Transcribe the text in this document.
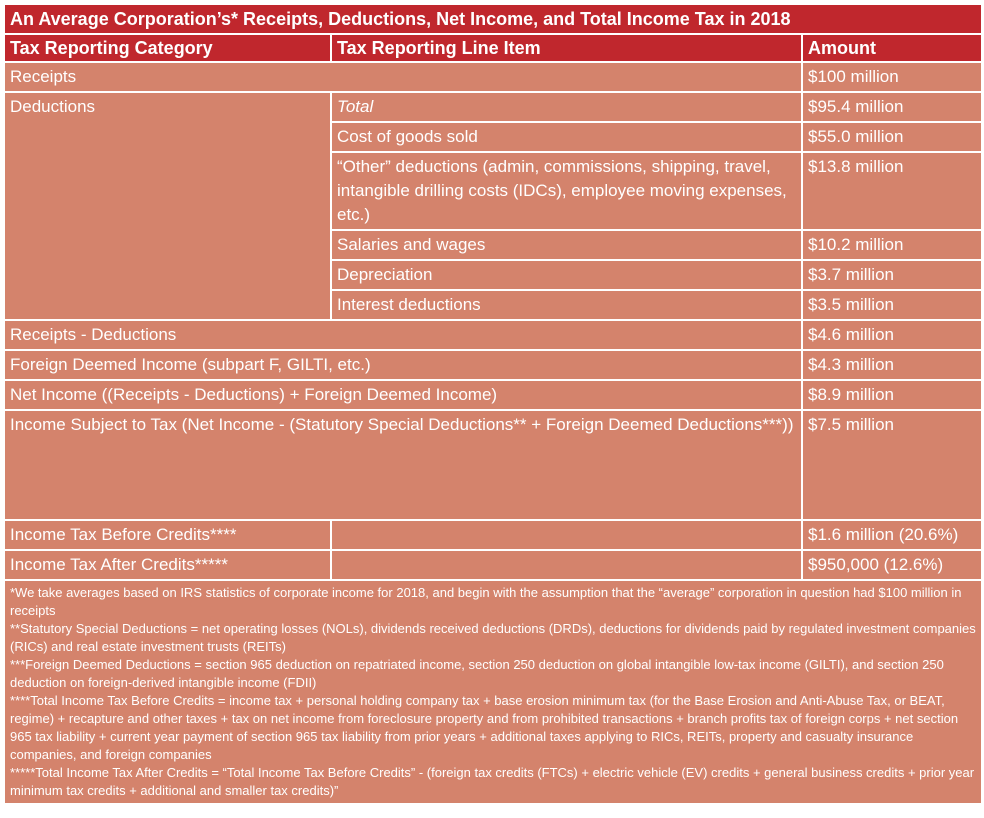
An Average Corporation’s* Receipts, Deductions, Net Income, and Total Income Tax in 2018		
Tax Reporting Category	Tax Reporting Line Item	Amount
Receipts		$100 million
Deductions	Total	$95.4 million
	Cost of goods sold	$55.0 million
	“Other” deductions (admin, commissions, shipping, travel, intangible drilling costs (IDCs), employee moving expenses, etc.)	$13.8 million
	Salaries and wages	$10.2 million
	Depreciation	$3.7 million
	Interest deductions	$3.5 million
Receipts - Deductions		$4.6 million
Foreign Deemed Income (subpart F, GILTI, etc.)		$4.3 million
Net Income ((Receipts - Deductions) + Foreign Deemed Income)		$8.9 million
Income Subject to Tax (Net Income - (Statutory Special Deductions** + Foreign Deemed Deductions***))		$7.5 million
Income Tax Before Credits****		$1.6 million (20.6%)
Income Tax After Credits*****		$950,000 (12.6%)

*We take averages based on IRS statistics of corporate income for 2018, and begin with the assumption that the “average” corporation in question had $100 million in receipts
**Statutory Special Deductions = net operating losses (NOLs), dividends received deductions (DRDs), deductions for dividends paid by regulated investment companies (RICs) and real estate investment trusts (REITs)
***Foreign Deemed Deductions = section 965 deduction on repatriated income, section 250 deduction on global intangible low-tax income (GILTI), and section 250 deduction on foreign-derived intangible income (FDII)
****Total Income Tax Before Credits = income tax + personal holding company tax + base erosion minimum tax (for the Base Erosion and Anti-Abuse Tax, or BEAT, regime) + recapture and other taxes + tax on net income from foreclosure property and from prohibited transactions + branch profits tax of foreign corps + net section 965 tax liability + current year payment of section 965 tax liability from prior years + additional taxes applying to RICs, REITs, property and casualty insurance companies, and foreign companies
*****Total Income Tax After Credits = “Total Income Tax Before Credits” - (foreign tax credits (FTCs) + electric vehicle (EV) credits + general business credits + prior year minimum tax credits + additional and smaller tax credits)”		
